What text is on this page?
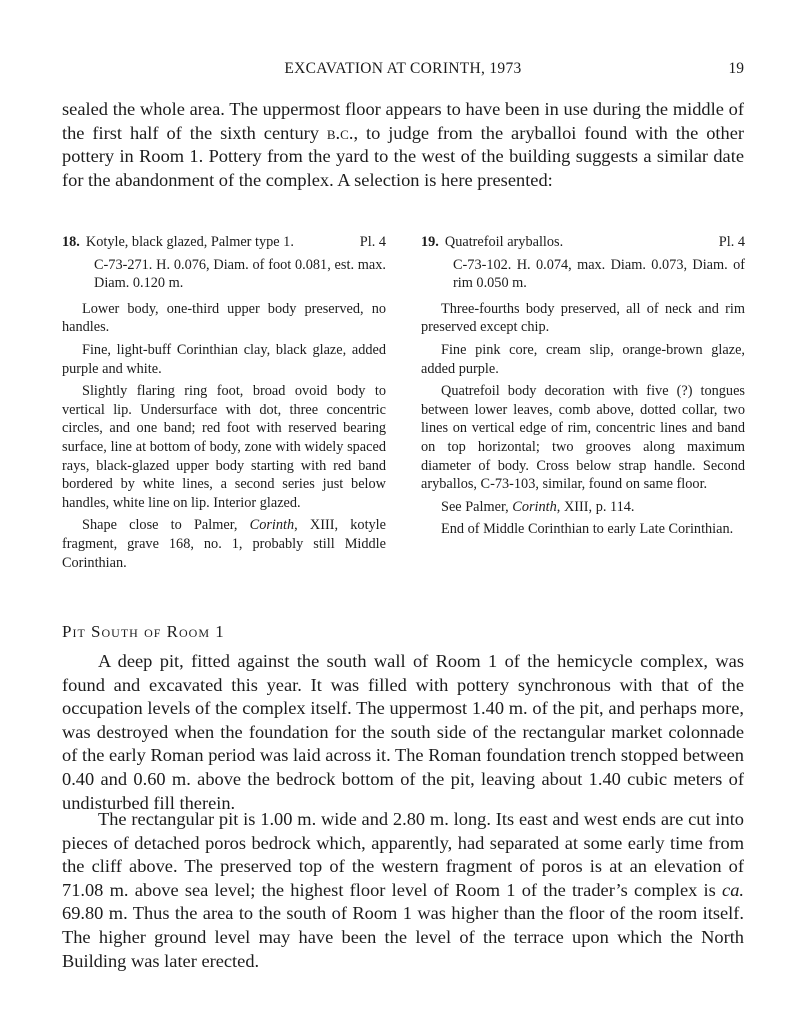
EXCAVATION AT CORINTH, 1973	19

sealed the whole area. The uppermost floor appears to have been in use during the middle of the first half of the sixth century b.c., to judge from the aryballoi found with the other pottery in Room 1. Pottery from the yard to the west of the building suggests a similar date for the abandonment of the complex. A selection is here presented:

18. Kotyle, black glazed, Palmer type 1.	Pl. 4

C-73-271. H. 0.076, Diam. of foot 0.081, est. max. Diam. 0.120 m.

Lower body, one-third upper body preserved, no handles.

Fine, light-buff Corinthian clay, black glaze, added purple and white.

Slightly flaring ring foot, broad ovoid body to vertical lip. Undersurface with dot, three concentric circles, and one band; red foot with reserved bearing surface, line at bottom of body, zone with widely spaced rays, black-glazed upper body starting with red band bordered by white lines, a second series just below handles, white line on lip. Interior glazed.

Shape close to Palmer, Corinth, XIII, kotyle fragment, grave 168, no. 1, probably still Middle Corinthian.

19. Quatrefoil aryballos.	Pl. 4

C-73-102. H. 0.074, max. Diam. 0.073, Diam. of rim 0.050 m.

Three-fourths body preserved, all of neck and rim preserved except chip.

Fine pink core, cream slip, orange-brown glaze, added purple.

Quatrefoil body decoration with five (?) tongues between lower leaves, comb above, dotted collar, two lines on vertical edge of rim, concentric lines and band on top horizontal; two grooves along maximum diameter of body. Cross below strap handle. Second aryballos, C-73-103, similar, found on same floor.

See Palmer, Corinth, XIII, p. 114.

End of Middle Corinthian to early Late Corinthian.

Pit South of Room 1

A deep pit, fitted against the south wall of Room 1 of the hemicycle complex, was found and excavated this year. It was filled with pottery synchronous with that of the occupation levels of the complex itself. The uppermost 1.40 m. of the pit, and perhaps more, was destroyed when the foundation for the south side of the rectangular market colonnade of the early Roman period was laid across it. The Roman foundation trench stopped between 0.40 and 0.60 m. above the bedrock bottom of the pit, leaving about 1.40 cubic meters of undisturbed fill therein.

The rectangular pit is 1.00 m. wide and 2.80 m. long. Its east and west ends are cut into pieces of detached poros bedrock which, apparently, had separated at some early time from the cliff above. The preserved top of the western fragment of poros is at an elevation of 71.08 m. above sea level; the highest floor level of Room 1 of the trader’s complex is ca. 69.80 m. Thus the area to the south of Room 1 was higher than the floor of the room itself. The higher ground level may have been the level of the terrace upon which the North Building was later erected.
